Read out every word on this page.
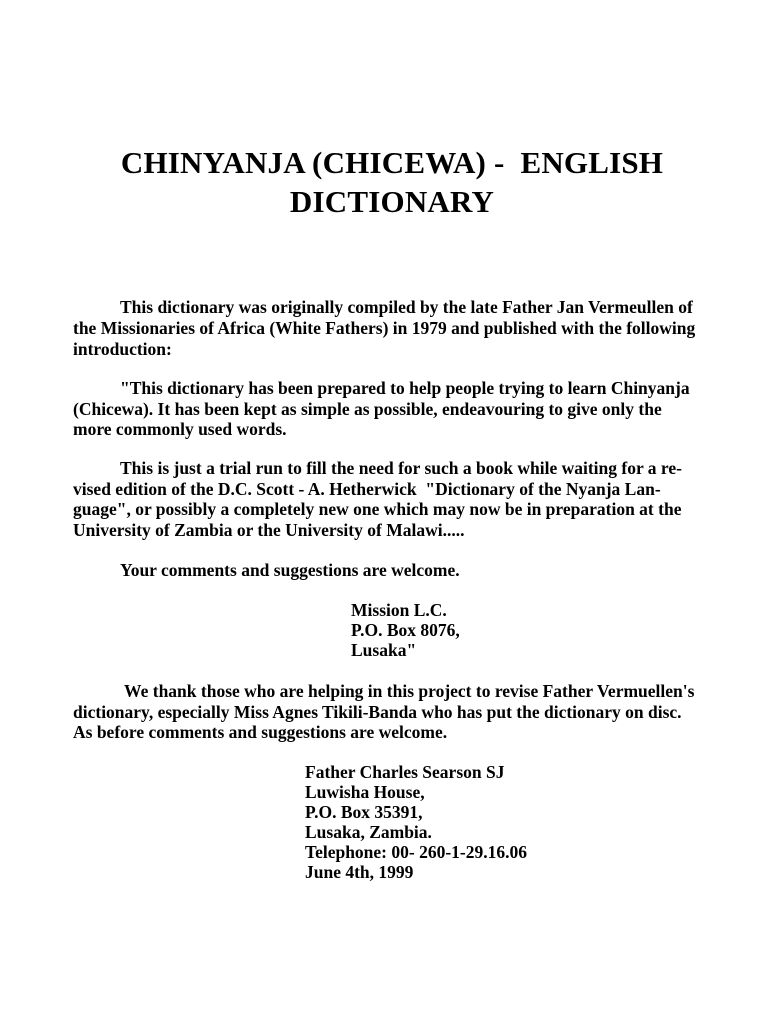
CHINYANJA (CHICEWA) -  ENGLISH
DICTIONARY
This dictionary was originally compiled by the late Father Jan Vermeullen of
the Missionaries of Africa (White Fathers) in 1979 and published with the following
introduction:
"This dictionary has been prepared to help people trying to learn Chinyanja
(Chicewa). It has been kept as simple as possible, endeavouring to give only the
more commonly used words.
This is just a trial run to fill the need for such a book while waiting for a re-
vised edition of the D.C. Scott - A. Hetherwick  "Dictionary of the Nyanja Lan-
guage", or possibly a completely new one which may now be in preparation at the
University of Zambia or the University of Malawi.....
Your comments and suggestions are welcome.
Mission L.C.
P.O. Box 8076,
Lusaka"
We thank those who are helping in this project to revise Father Vermuellen's
dictionary, especially Miss Agnes Tikili-Banda who has put the dictionary on disc.
As before comments and suggestions are welcome.
Father Charles Searson SJ
Luwisha House,
P.O. Box 35391,
Lusaka, Zambia.
Telephone: 00- 260-1-29.16.06
June 4th, 1999
